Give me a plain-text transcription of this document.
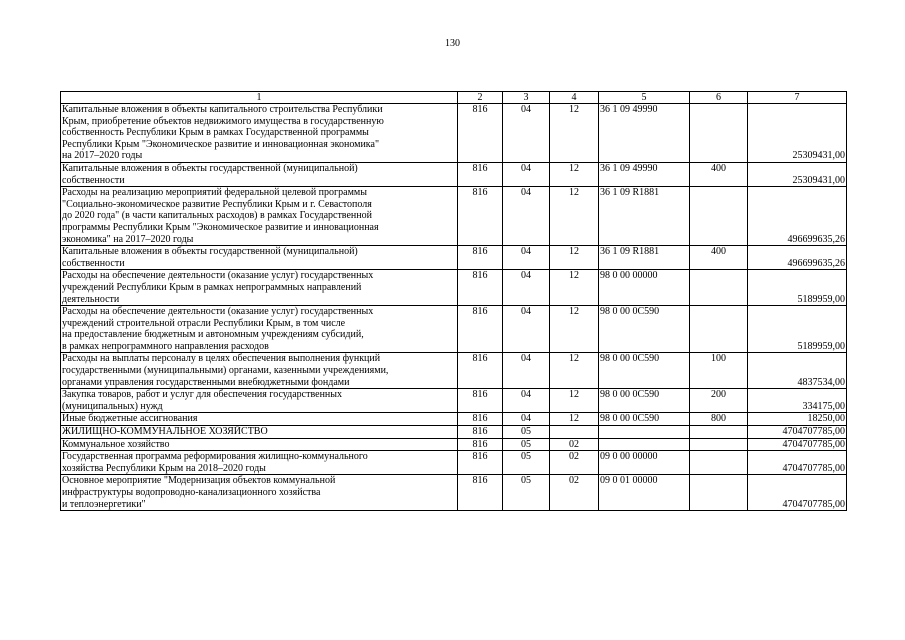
130
1	2	3	4	5	6	7

Капитальные вложения в объекты капитального строительства Республики
Крым, приобретение объектов недвижимого имущества в государственную
собственность Республики Крым в рамках Государственной программы
Республики Крым "Экономическое развитие и инновационная экономика"
на 2017–2020 годы	816	04	12	36 1 09 49990		25309431,00

Капитальные вложения в объекты государственной (муниципальной)
собственности	816	04	12	36 1 09 49990	400	25309431,00

Расходы на реализацию мероприятий федеральной целевой программы
"Социально-экономическое развитие Республики Крым и г. Севастополя
до 2020 года" (в части капитальных расходов) в рамках Государственной
программы Республики Крым "Экономическое развитие и инновационная
экономика" на 2017–2020 годы	816	04	12	36 1 09 R1881		496699635,26

Капитальные вложения в объекты государственной (муниципальной)
собственности	816	04	12	36 1 09 R1881	400	496699635,26

Расходы на обеспечение деятельности (оказание услуг) государственных
учреждений Республики Крым в рамках непрограммных направлений
деятельности	816	04	12	98 0 00 00000		5189959,00

Расходы на обеспечение деятельности (оказание услуг) государственных
учреждений строительной отрасли Республики Крым, в том числе
на предоставление бюджетным и автономным учреждениям субсидий,
в рамках непрограммного направления расходов	816	04	12	98 0 00 0С590		5189959,00

Расходы на выплаты персоналу в целях обеспечения выполнения функций
государственными (муниципальными) органами, казенными учреждениями,
органами управления государственными внебюджетными фондами	816	04	12	98 0 00 0С590	100	4837534,00

Закупка товаров, работ и услуг для обеспечения государственных
(муниципальных) нужд	816	04	12	98 0 00 0С590	200	334175,00

Иные бюджетные ассигнования	816	04	12	98 0 00 0С590	800	18250,00

ЖИЛИЩНО-КОММУНАЛЬНОЕ ХОЗЯЙСТВО	816	05				4704707785,00

Коммунальное хозяйство	816	05	02			4704707785,00

Государственная программа реформирования жилищно-коммунального
хозяйства Республики Крым на 2018–2020 годы	816	05	02	09 0 00 00000		4704707785,00

Основное мероприятие "Модернизация объектов коммунальной
инфраструктуры водопроводно-канализационного хозяйства
и теплоэнергетики"	816	05	02	09 0 01 00000		4704707785,00
